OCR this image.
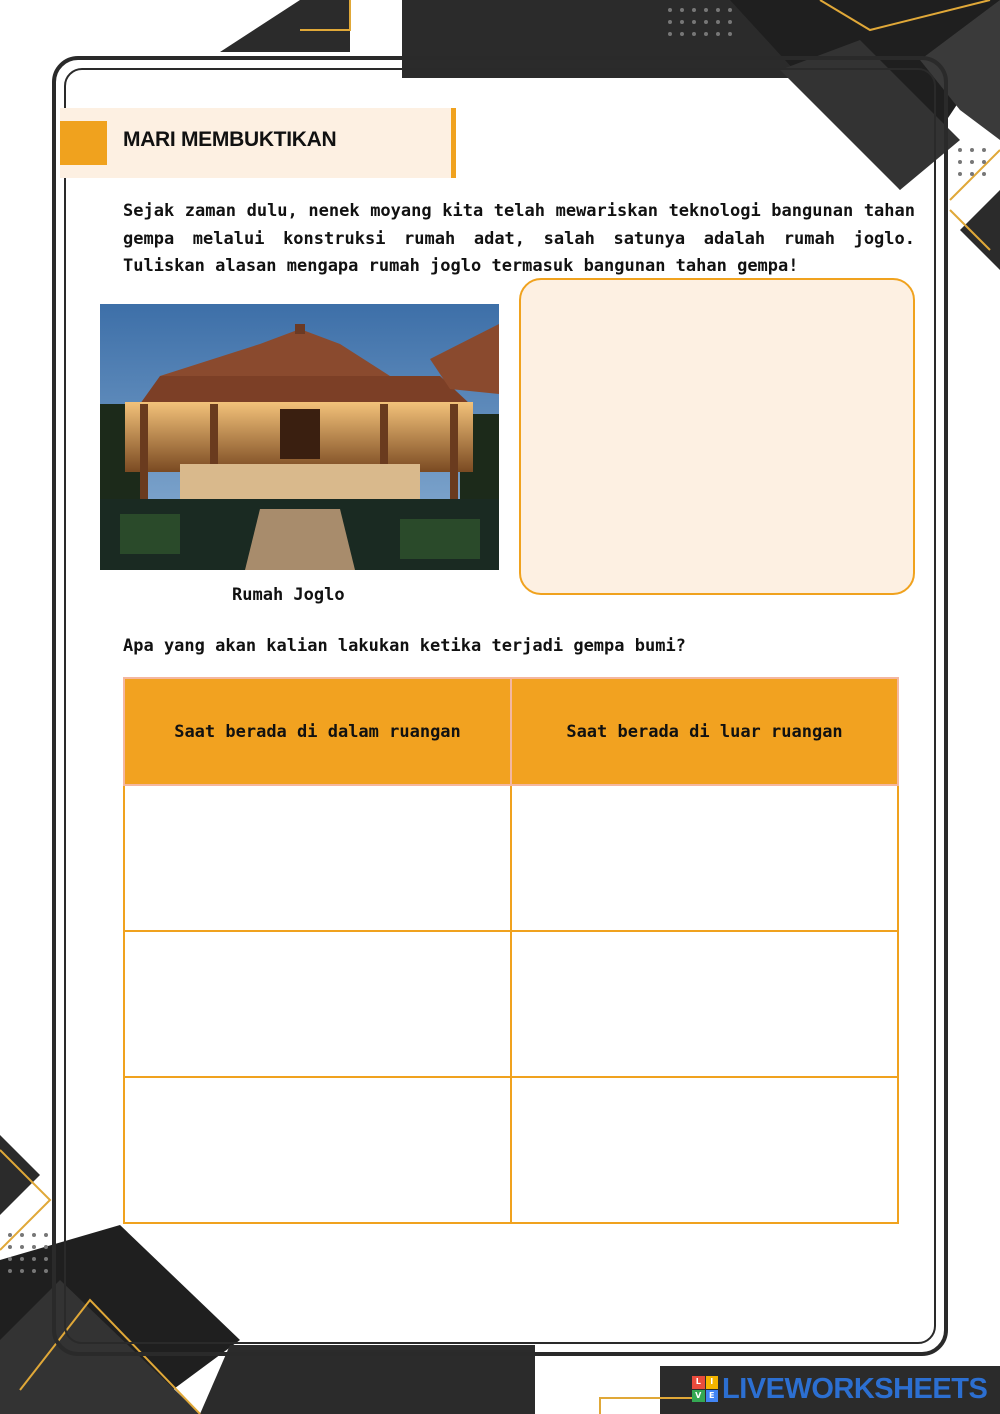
MARI MEMBUKTIKAN
Sejak zaman dulu, nenek moyang kita telah mewariskan teknologi bangunan tahan gempa melalui konstruksi rumah adat, salah satunya adalah rumah joglo. Tuliskan alasan mengapa rumah joglo termasuk bangunan tahan gempa!
Rumah Joglo
Apa yang akan kalian lakukan ketika terjadi gempa bumi?
Saat berada di dalam ruangan	Saat berada di luar ruangan

L	I
V E LIVEWORKSHEETS
